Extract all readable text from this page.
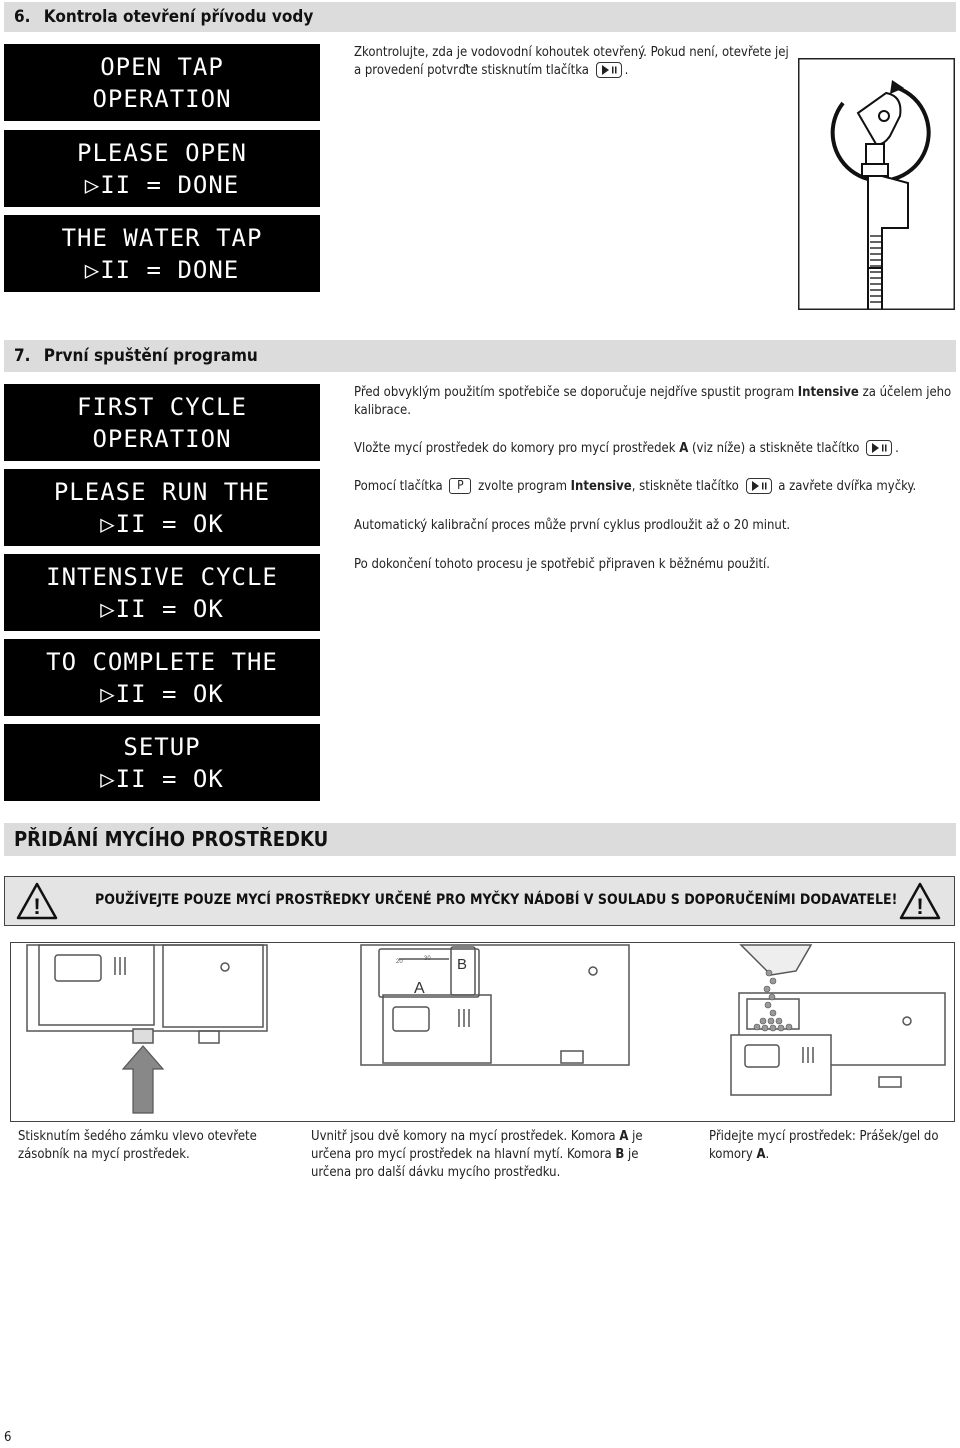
6. Kontrola otevření přívodu vody
OPEN TAP
OPERATION
PLEASE OPEN
▷II = DONE
THE WATER TAP
▷II = DONE
Zkontrolujte, zda je vodovodní kohoutek otevřený. Pokud není, otevřete jej a provedení potvrďte stisknutím tlačítka	.
7. První spuštění programu
FIRST CYCLE
OPERATION
PLEASE RUN THE
▷II = OK
INTENSIVE CYCLE
▷II = OK
TO COMPLETE THE
▷II = OK
SETUP
▷II = OK
Před obvyklým použitím spotřebiče se doporučuje nejdříve spustit program Intensive za účelem jeho kalibrace.
Vložte mycí prostředek do komory pro mycí prostředek A (viz níže) a stiskněte tlačítko	.
Pomocí tlačítka P zvolte program Intensive, stiskněte tlačítko	a zavřete dvířka myčky.
Automatický kalibrační proces může první cyklus prodloužit až o 20 minut.
Po dokončení tohoto procesu je spotřebič připraven k běžnému použití.
PŘIDÁNÍ MYCÍHO PROSTŘEDKU
!	POUŽÍVEJTE POUZE MYCÍ PROSTŘEDKY URČENÉ PRO MYČKY NÁDOBÍ V SOULADU S DOPORUČENÍMI DODAVATELE! !
A
B
20	30
Stisknutím šedého zámku vlevo otevřete zásobník na mycí prostředek.
Uvnitř jsou dvě komory na mycí prostředek. Komora A je určena pro mycí prostředek na hlavní mytí. Komora B je určena pro další dávku mycího prostředku.
Přidejte mycí prostředek: Prášek/gel do komory A.
6
